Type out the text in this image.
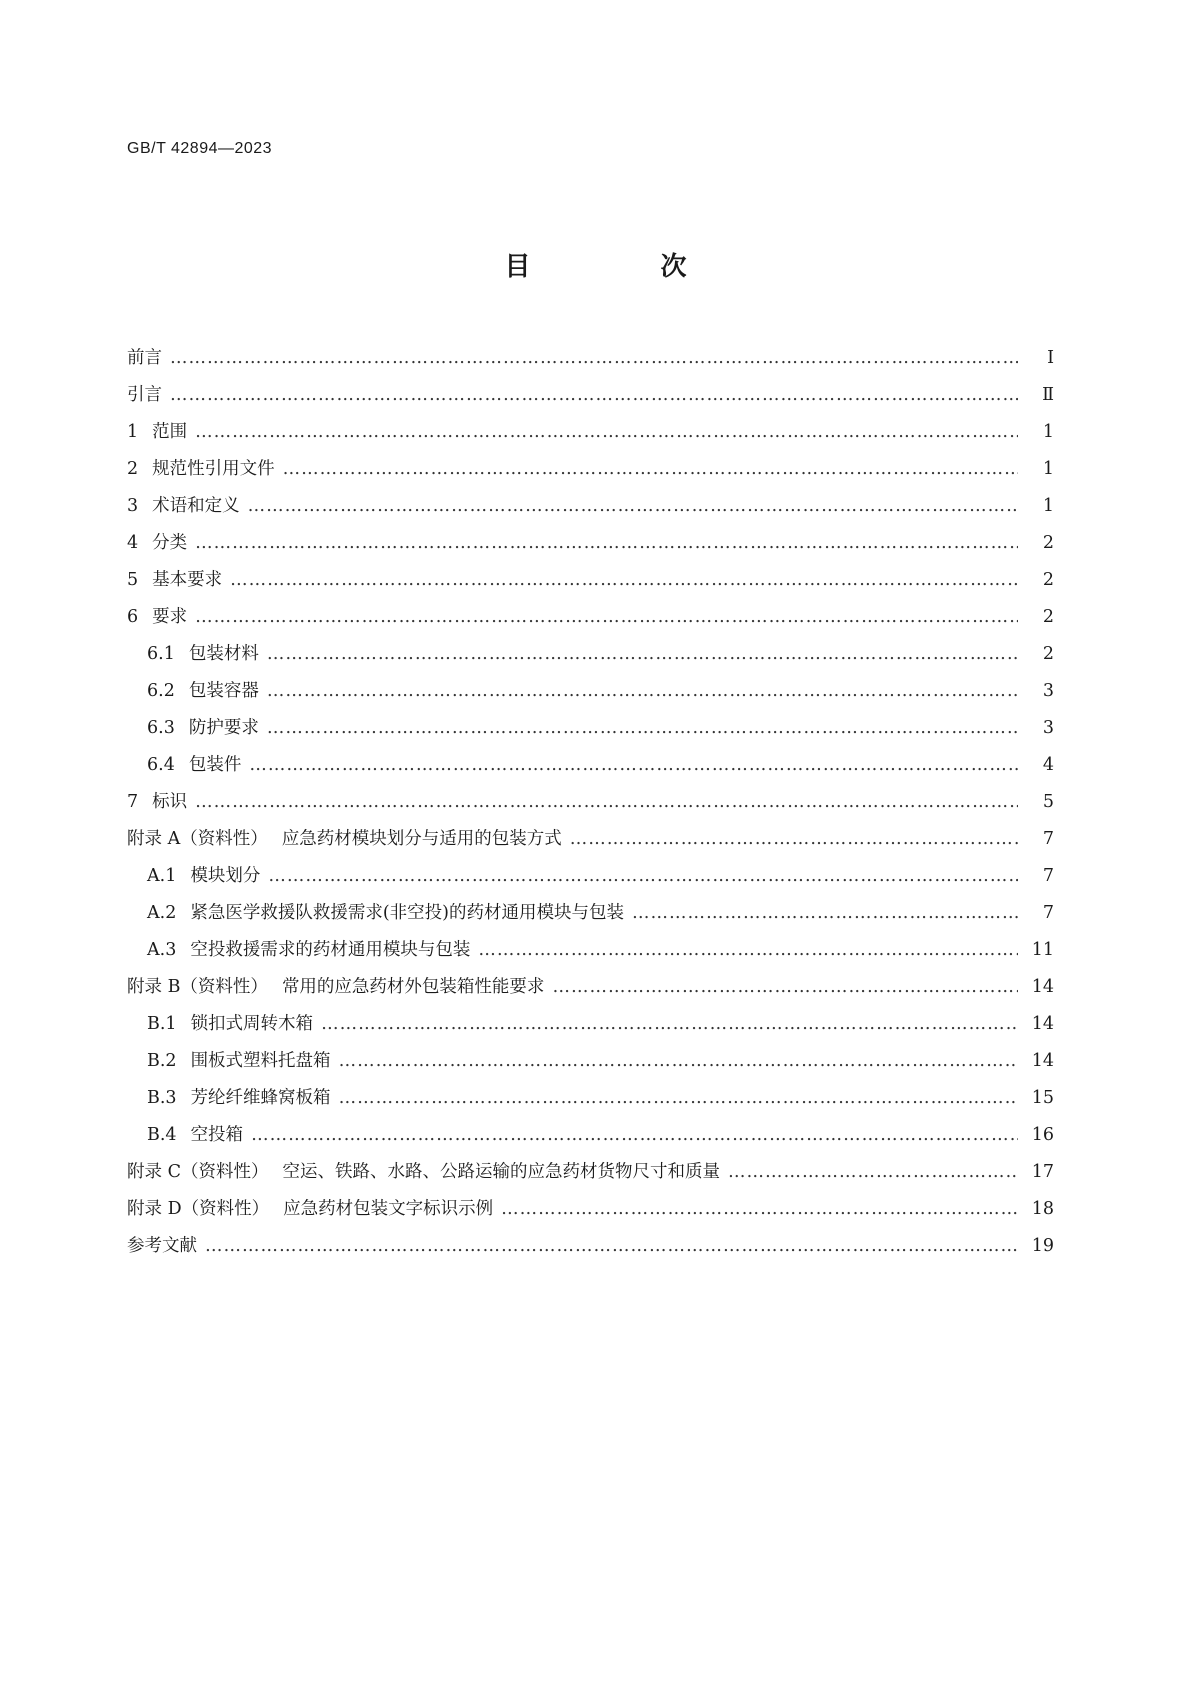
GB/T 42894—2023
目　次
前言 …………………………………………………………………………………………………………………………………………………………………………………………………………………………	Ⅰ
引言 …………………………………………………………………………………………………………………………………………………………………………………………………………………………	Ⅱ
1 范围 …………………………………………………………………………………………………………………………………………………………………………………………………………………………	1
2 规范性引用文件 …………………………………………………………………………………………………………………………………………………………………………………………………………………………	1
3 术语和定义 …………………………………………………………………………………………………………………………………………………………………………………………………………………………	1
4 分类 …………………………………………………………………………………………………………………………………………………………………………………………………………………………	2
5 基本要求 …………………………………………………………………………………………………………………………………………………………………………………………………………………………	2
6 要求 …………………………………………………………………………………………………………………………………………………………………………………………………………………………	2
6.1 包装材料 …………………………………………………………………………………………………………………………………………………………………………………………………………………………	2
6.2 包装容器 …………………………………………………………………………………………………………………………………………………………………………………………………………………………	3
6.3 防护要求 …………………………………………………………………………………………………………………………………………………………………………………………………………………………	3
6.4 包装件 …………………………………………………………………………………………………………………………………………………………………………………………………………………………	4
7 标识 …………………………………………………………………………………………………………………………………………………………………………………………………………………………	5
附录 A（资料性） 应急药材模块划分与适用的包装方式 …………………………………………………………………………………………………………………………………………………………………………………………………………………………	7
A.1 模块划分 …………………………………………………………………………………………………………………………………………………………………………………………………………………………	7
A.2 紧急医学救援队救援需求(非空投)的药材通用模块与包装 …………………………………………………………………………………………………………………………………………………………………………………………………………………………	7
A.3 空投救援需求的药材通用模块与包装 …………………………………………………………………………………………………………………………………………………………………………………………………………………………	11
附录 B（资料性） 常用的应急药材外包装箱性能要求 …………………………………………………………………………………………………………………………………………………………………………………………………………………………	14
B.1 锁扣式周转木箱 …………………………………………………………………………………………………………………………………………………………………………………………………………………………	14
B.2 围板式塑料托盘箱 …………………………………………………………………………………………………………………………………………………………………………………………………………………………	14
B.3 芳纶纤维蜂窝板箱 …………………………………………………………………………………………………………………………………………………………………………………………………………………………	15
B.4 空投箱 …………………………………………………………………………………………………………………………………………………………………………………………………………………………	16
附录 C（资料性） 空运、铁路、水路、公路运输的应急药材货物尺寸和质量 …………………………………………………………………………………………………………………………………………………………………………………………………………………………	17
附录 D（资料性） 应急药材包装文字标识示例 …………………………………………………………………………………………………………………………………………………………………………………………………………………………	18
参考文献 …………………………………………………………………………………………………………………………………………………………………………………………………………………………	19
